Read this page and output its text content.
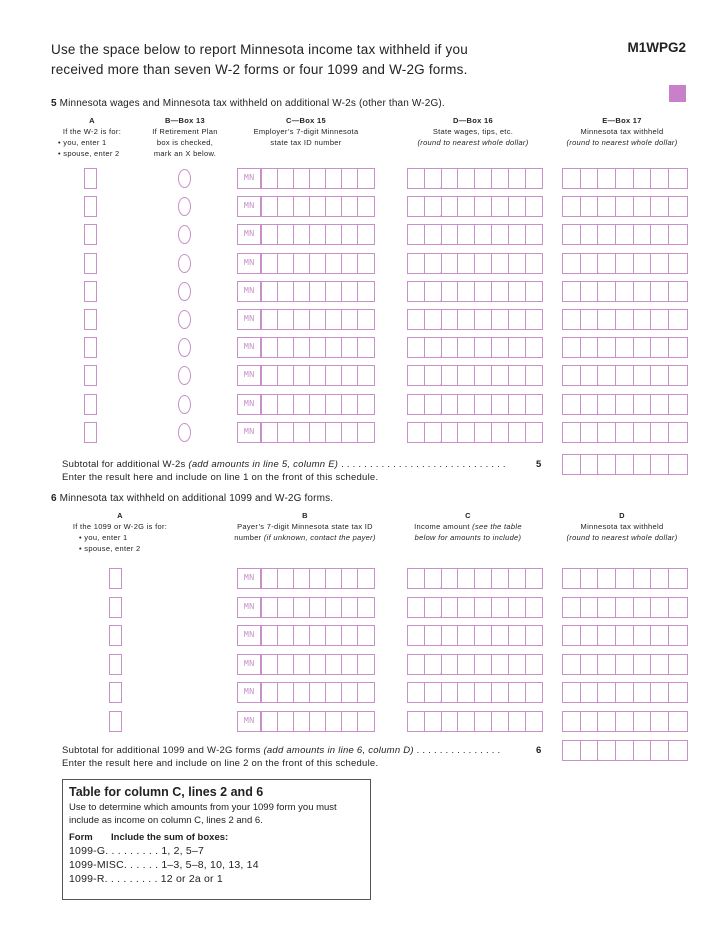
Use the space below to report Minnesota income tax withheld if you received more than seven W-2 forms or four 1099 and W-2G forms.
M1WPG2
5 Minnesota wages and Minnesota tax withheld on additional W-2s (other than W-2G).
A
If the W-2 is for:
• you, enter 1
• spouse, enter 2
B—Box 13
If Retirement Plan
box is checked,
mark an X below.
C—Box 15
Employer’s 7-digit Minnesota
state tax ID number
D—Box 16
State wages, tips, etc.
(round to nearest whole dollar)
E—Box 17
Minnesota tax withheld
(round to nearest whole dollar)
MN
,
,
,
MN
,
,
,
MN
,
,
,
MN
,
,
,
MN
,
,
,
MN
,
,
,
MN
,
,
,
MN
,
,
,
MN
,
,
,
MN
,
,
,
,
Subtotal for additional W-2s (add amounts in line 5, column E) . . . . . . . . . . . . . . . . . . . . . . . . . . . . .	5
Enter the result here and include on line 1 on the front of this schedule.
6 Minnesota tax withheld on additional 1099 and W-2G forms.
A
If the 1099 or W-2G is for:
• you, enter 1
• spouse, enter 2
B
Payer’s 7-digit Minnesota state tax ID
number (if unknown, contact the payer)
C
Income amount (see the table
below for amounts to include)
D
Minnesota tax withheld
(round to nearest whole dollar)
MN
,
,
,
MN
,
,
,
MN
,
,
,
MN
,
,
,
MN
,
,
,
MN
,
,
,
,
Subtotal for additional 1099 and W-2G forms (add amounts in line 6, column D) . . . . . . . . . . . . . . .	6
Enter the result here and include on line 2 on the front of this schedule.
Table for column C, lines 2 and 6
Use to determine which amounts from your 1099 form you must include as income on column C, lines 2 and 6.
Form Include the sum of boxes:
1099-G. . . . . . . . . 1, 2, 5–7
1099-MISC. . . . . . 1–3, 5–8, 10, 13, 14
1099-R. . . . . . . . . 12 or 2a or 1
